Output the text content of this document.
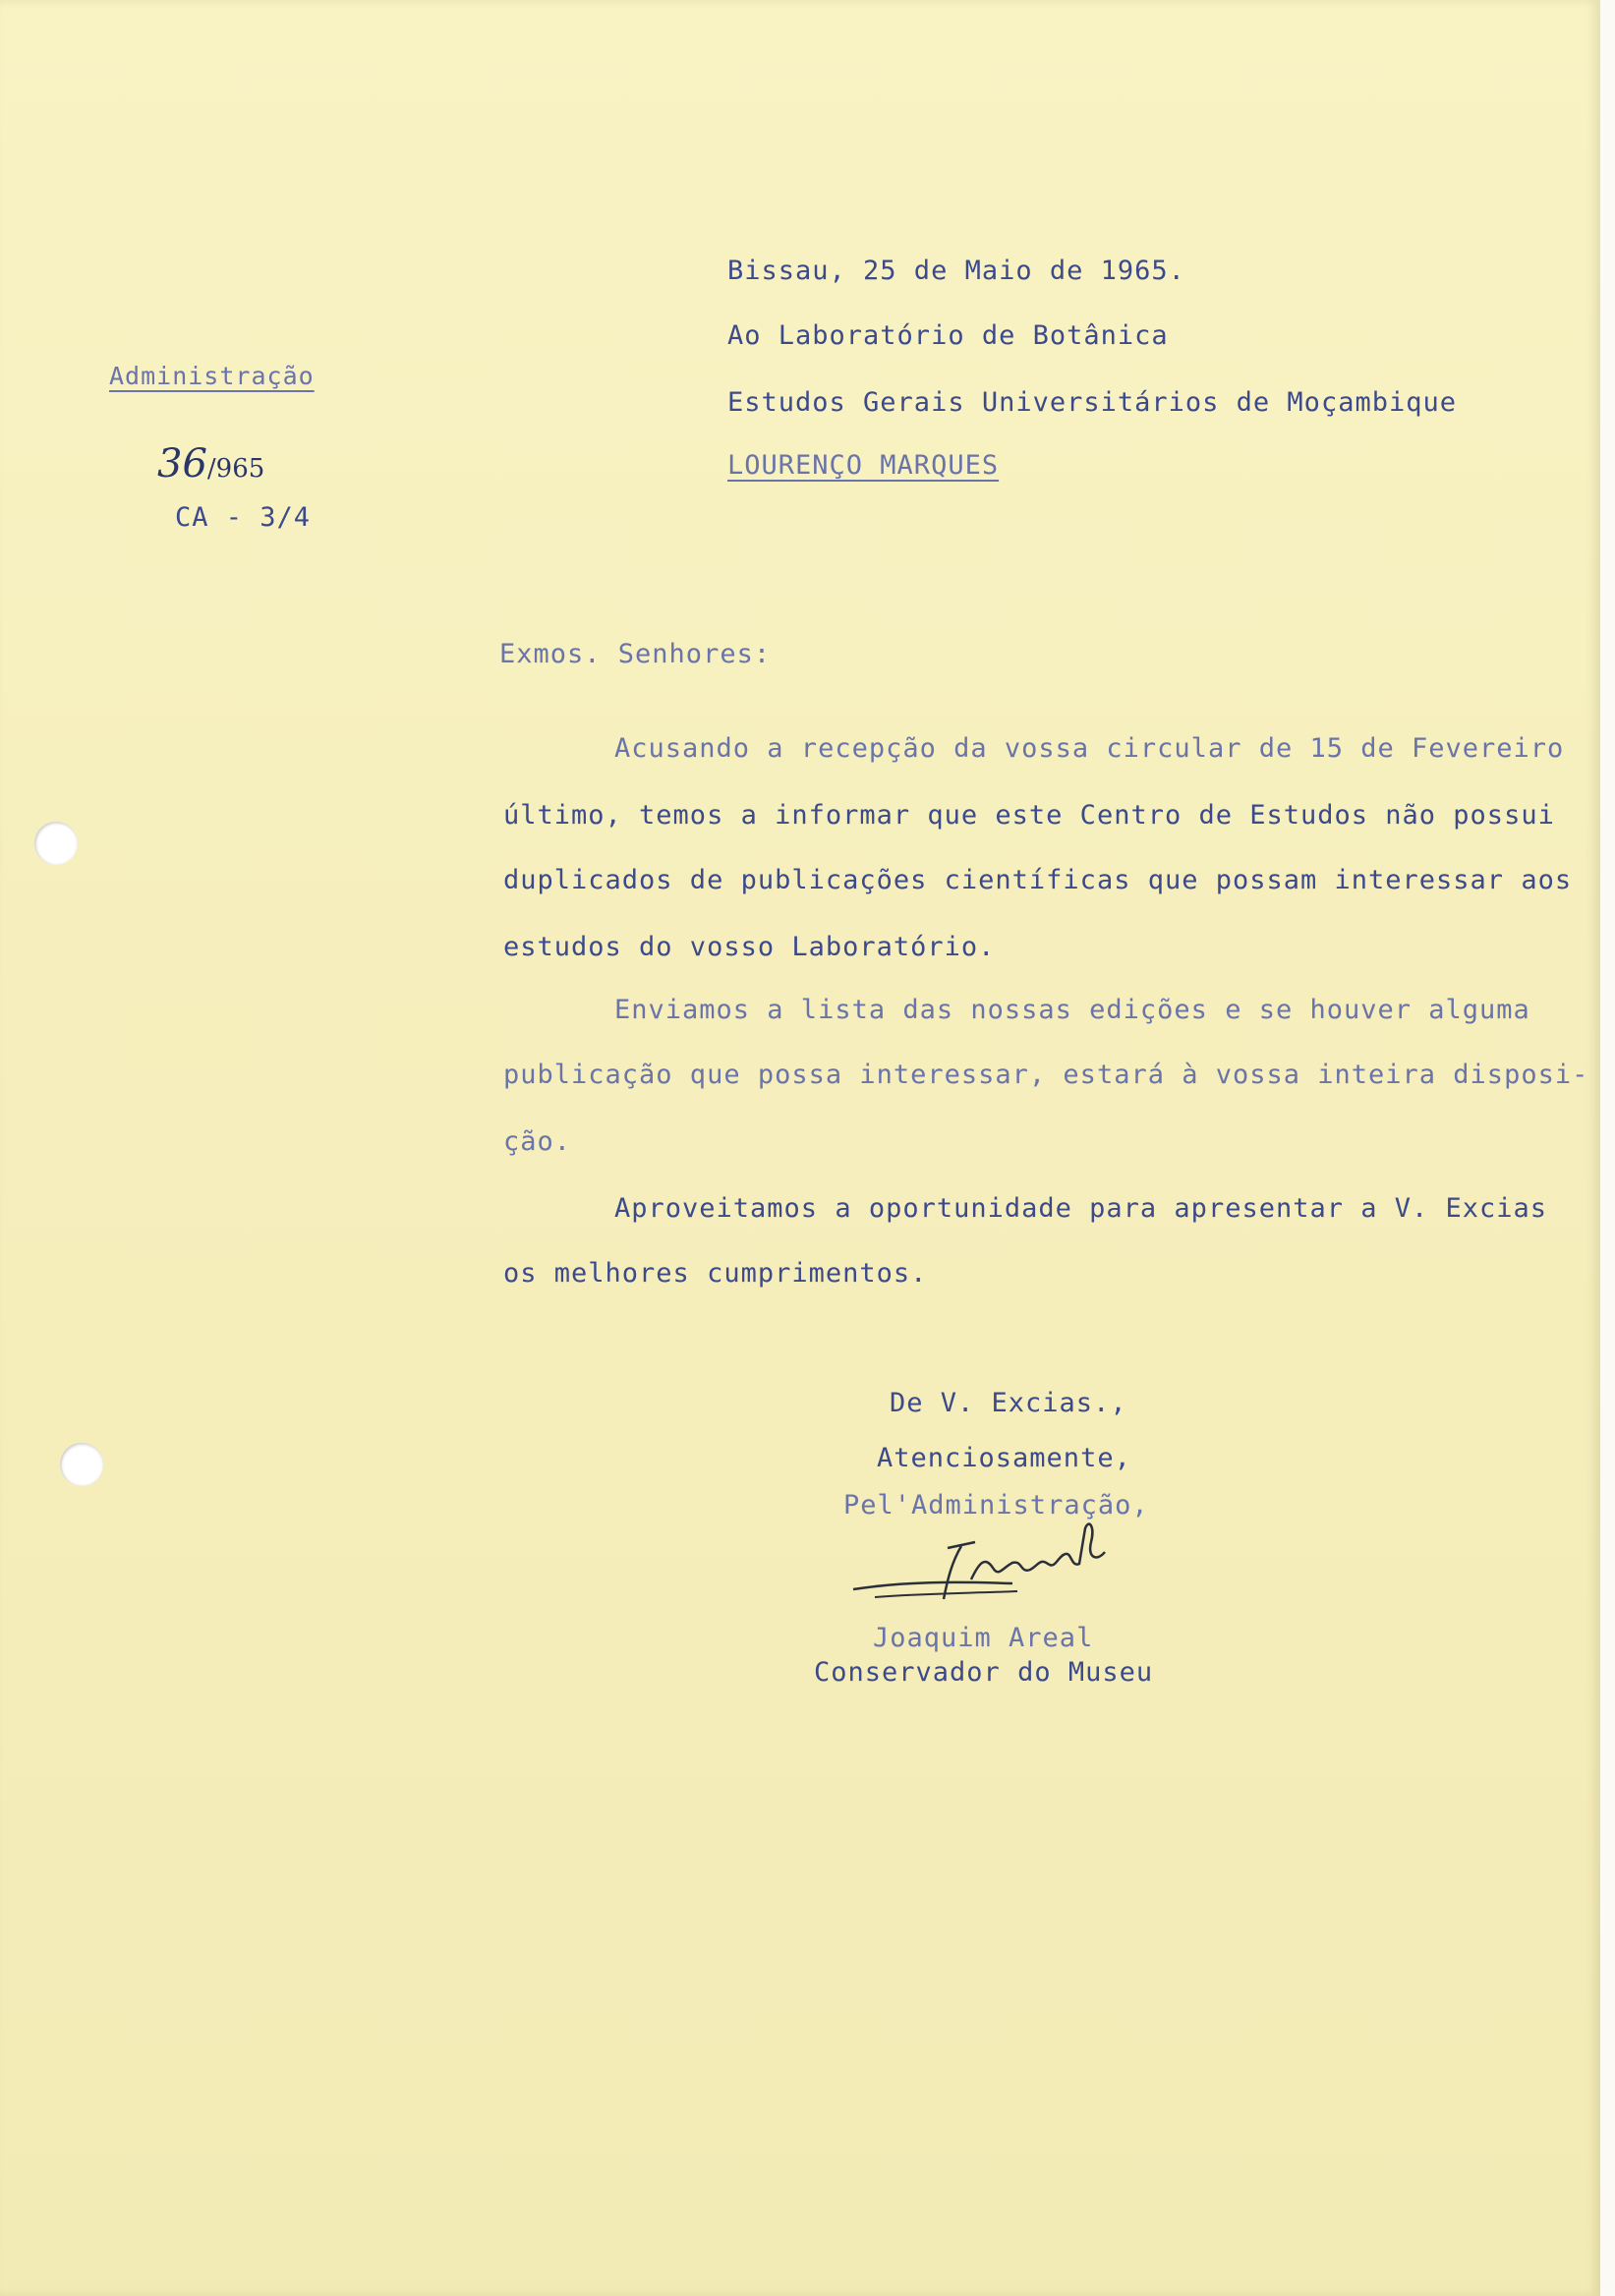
Administração

36/965

CA - 3/4

Bissau, 25 de Maio de 1965.

Ao Laboratório de Botânica

Estudos Gerais Universitários de Moçambique

LOURENÇO MARQUES

Exmos. Senhores:

Acusando a recepção da vossa circular de 15 de Fevereiro

último, temos a informar que este Centro de Estudos não possui

duplicados de publicações científicas que possam interessar aos

estudos do vosso Laboratório.

Enviamos a lista das nossas edições e se houver alguma

publicação que possa interessar, estará à vossa inteira disposi-

ção.

Aproveitamos a oportunidade para apresentar a V. Excias

os melhores cumprimentos.

De V. Excias.,

Atenciosamente,

Pel'Administração,

Joaquim Areal

Conservador do Museu
